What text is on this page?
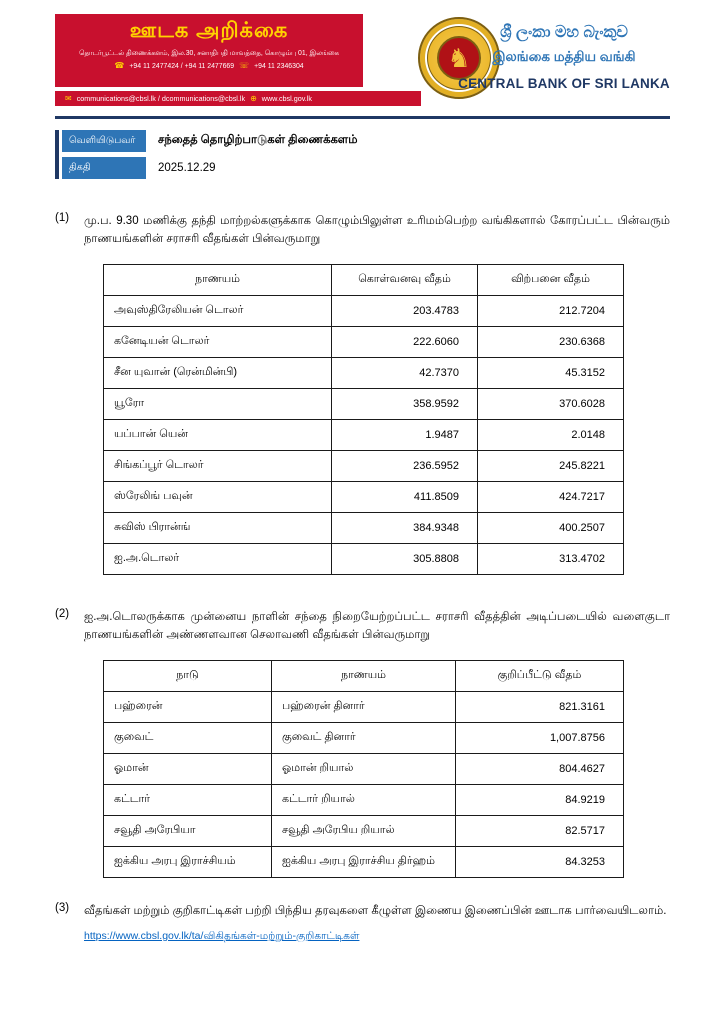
ஊடக அறிக்கை
தொடர்பூட்டல் திணைக்களம், இல.30, சனாதிபதி மாவத்தை, கொழும்பு 01, இலங்கை
☎ +94 11 2477424 / +94 11 2477669 ☏ +94 11 2346304
✉ communications@cbsl.lk / dcommunications@cbsl.lk ⊕ www.cbsl.gov.lk
♞
ශ්‍රී ලංකා මහ බැංකුව
இலங்கை மத்திய வங்கி
CENTRAL BANK OF SRI LANKA
வெளியிடுபவர்	சந்தைத் தொழிற்பாடுகள் திணைக்களம்
திகதி	2025.12.29
(1)	மு.ப. 9.30 மணிக்கு தந்தி மாற்றல்களுக்காக கொழும்பிலுள்ள உரிமம்பெற்ற வங்கிகளால் கோரப்பட்ட பின்வரும் நாணயங்களின் சராசரி வீதங்கள் பின்வருமாறு

நாணயம்	கொள்வனவு வீதம்	விற்பனை வீதம்
அவுஸ்திரேலியன் டொலர்	203.4783	212.7204
கனேடியன் டொலர்	222.6060	230.6368
சீன யுவான் (ரென்மின்பி)	42.7370	45.3152
யூரோ	358.9592	370.6028
யப்பான் யென்	1.9487	2.0148
சிங்கப்பூர் டொலர்	236.5952	245.8221
ஸ்ரேலிங் பவுன்	411.8509	424.7217
சுவிஸ் பிரான்ங்	384.9348	400.2507
ஐ.அ.டொலர்	305.8808	313.4702
(2)	ஐ.அ.டொலருக்காக முன்னைய நாளின் சந்தை நிறையேற்றப்பட்ட சராசரி வீதத்தின் அடிப்படையில் வளைகுடா நாணயங்களின் அண்ணளவான செலாவணி வீதங்கள் பின்வருமாறு

நாடு	நாணயம்	குறிப்பீட்டு வீதம்
பஹ்ரைன்	பஹ்ரைன் தினார்	821.3161
குவைட்	குவைட் தினார்	1,007.8756
ஓமான்	ஓமான் றியால்	804.4627
கட்டார்	கட்டார் றியால்	84.9219
சவூதி அரேபியா	சவூதி அரேபிய றியால்	82.5717
ஐக்கிய அரபு இராச்சியம்	ஐக்கிய அரபு இராச்சிய திர்ஹம்	84.3253
(3)	வீதங்கள் மற்றும் குறிகாட்டிகள் பற்றி பிந்திய தரவுகளை கீழுள்ள இணைய இணைப்பின் ஊடாக பார்வையிடலாம்.

https://www.cbsl.gov.lk/ta/விகிதங்கள்-மற்றும்-குறிகாட்டிகள்
